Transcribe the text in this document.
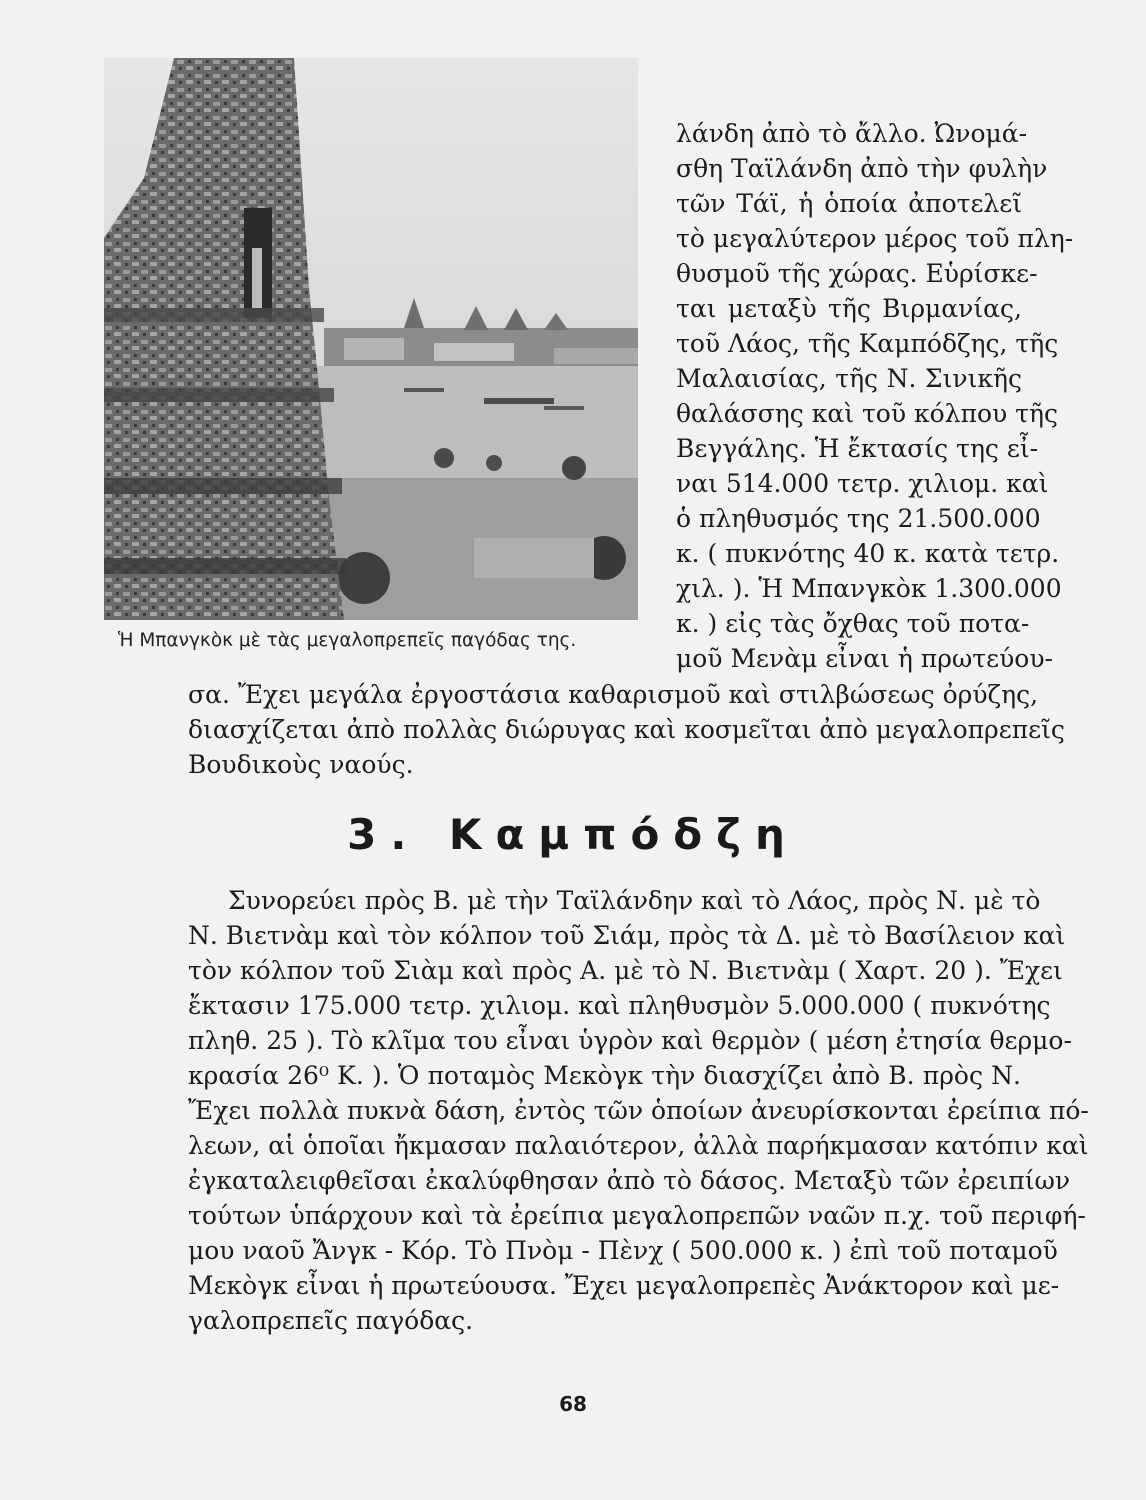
Ἡ Μπανγκὸκ μὲ τὰς μεγαλοπρεπεῖς παγόδας της.
λάνδη ἀπὸ τὸ ἄλλο. Ὠνομά-
σθη Ταϊλάνδη ἀπὸ τὴν φυλὴν
τῶν Τάϊ, ἡ ὁποία ἀποτελεῖ
τὸ μεγαλύτερον μέρος τοῦ πλη-
θυσμοῦ τῆς χώρας. Εὑρίσκε-
ται μεταξὺ τῆς Βιρμανίας,
τοῦ Λάος, τῆς Καμπόδζης, τῆς
Μαλαισίας, τῆς Ν. Σινικῆς
θαλάσσης καὶ τοῦ κόλπου τῆς
Βεγγάλης. Ἡ ἔκτασίς της εἶ-
ναι 514.000 τετρ. χιλιομ. καὶ
ὁ πληθυσμός της 21.500.000
κ. ( πυκνότης 40 κ. κατὰ τετρ.
χιλ. ). Ἡ Μπανγκὸκ 1.300.000
κ. ) εἰς τὰς ὄχθας τοῦ ποτα-
μοῦ Μενὰμ εἶναι ἡ πρωτεύου-
σα. Ἔχει μεγάλα ἐργοστάσια καθαρισμοῦ καὶ στιλβώσεως ὀρύζης,
διασχίζεται ἀπὸ πολλὰς διώρυγας καὶ κοσμεῖται ἀπὸ μεγαλοπρεπεῖς
Βουδικοὺς ναούς.
3. Καμπόδζη
Συνορεύει πρὸς Β. μὲ τὴν Ταϊλάνδην καὶ τὸ Λάος, πρὸς Ν. μὲ τὸ
Ν. Βιετνὰμ καὶ τὸν κόλπον τοῦ Σιάμ, πρὸς τὰ Δ. μὲ τὸ Βασίλειον καὶ
τὸν κόλπον τοῦ Σιὰμ καὶ πρὸς Α. μὲ τὸ Ν. Βιετνὰμ ( Χαρτ. 20 ). Ἔχει
ἔκτασιν 175.000 τετρ. χιλιομ. καὶ πληθυσμὸν 5.000.000 ( πυκνότης
πληθ. 25 ). Τὸ κλῖμα του εἶναι ὑγρὸν καὶ θερμὸν ( μέση ἐτησία θερμο-
κρασία 26⁰ Κ. ). Ὁ ποταμὸς Μεκὸγκ τὴν διασχίζει ἀπὸ Β. πρὸς Ν.
Ἔχει πολλὰ πυκνὰ δάση, ἐντὸς τῶν ὁποίων ἀνευρίσκονται ἐρείπια πό-
λεων, αἱ ὁποῖαι ἤκμασαν παλαιότερον, ἀλλὰ παρήκμασαν κατόπιν καὶ
ἐγκαταλειφθεῖσαι ἐκαλύφθησαν ἀπὸ τὸ δάσος. Μεταξὺ τῶν ἐρειπίων
τούτων ὑπάρχουν καὶ τὰ ἐρείπια μεγαλοπρεπῶν ναῶν π.χ. τοῦ περιφή-
μου ναοῦ Ἄνγκ - Κόρ. Τὸ Πνὸμ - Πὲνχ ( 500.000 κ. ) ἐπὶ τοῦ ποταμοῦ
Μεκὸγκ εἶναι ἡ πρωτεύουσα. Ἔχει μεγαλοπρεπὲς Ἀνάκτορον καὶ με-
γαλοπρεπεῖς παγόδας.
68
